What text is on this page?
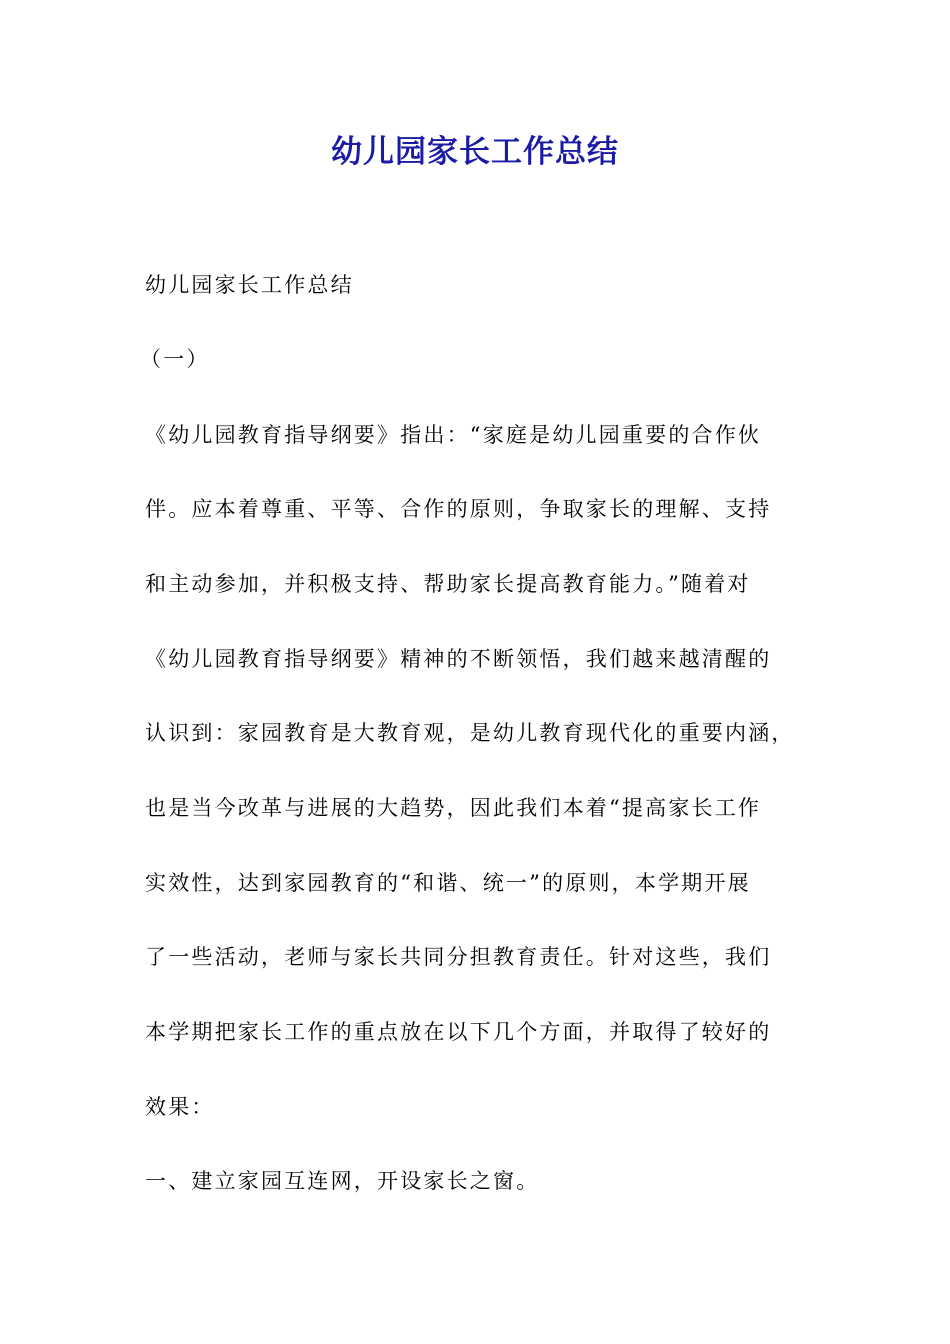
幼儿园家长工作总结

幼儿园家长工作总结

（一）

《幼儿园教育指导纲要》指出：“家庭是幼儿园重要的合作伙

伴。应本着尊重、平等、合作的原则，争取家长的理解、支持

和主动参加，并积极支持、帮助家长提高教育能力。”随着对

《幼儿园教育指导纲要》精神的不断领悟，我们越来越清醒的

认识到：家园教育是大教育观，是幼儿教育现代化的重要内涵，

也是当今改革与进展的大趋势，因此我们本着“提高家长工作

实效性，达到家园教育的“和谐、统一”的原则，本学期开展

了一些活动，老师与家长共同分担教育责任。针对这些，我们

本学期把家长工作的重点放在以下几个方面，并取得了较好的

效果：

一、建立家园互连网，开设家长之窗。
